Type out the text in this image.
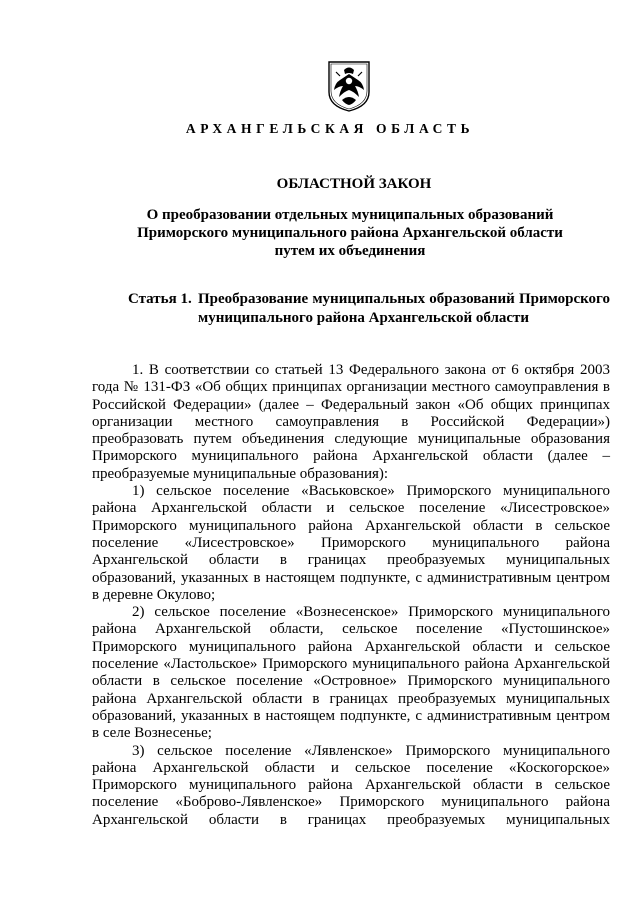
АРХАНГЕЛЬСКАЯ ОБЛАСТЬ
ОБЛАСТНОЙ ЗАКОН
О преобразовании отдельных муниципальных образований
Приморского муниципального района Архангельской области
путем их объединения
Статья 1. Преобразование муниципальных образований Приморского муниципального района Архангельской области

1. В соответствии со статьей 13 Федерального закона от 6 октября 2003 года № 131-ФЗ «Об общих принципах организации местного самоуправления в Российской Федерации» (далее – Федеральный закон «Об общих принципах организации местного самоуправления в Российской Федерации») преобразовать путем объединения следующие муниципальные образования Приморского муниципального района Архангельской области (далее – преобразуемые муниципальные образования):

1) сельское поселение «Васьковское» Приморского муниципального района Архангельской области и сельское поселение «Лисестровское» Приморского муниципального района Архангельской области в сельское поселение «Лисестровское» Приморского муниципального района Архангельской области в границах преобразуемых муниципальных образований, указанных в настоящем подпункте, с административным центром в деревне Окулово;

2) сельское поселение «Вознесенское» Приморского муниципального района Архангельской области, сельское поселение «Пустошинское» Приморского муниципального района Архангельской области и сельское поселение «Ластольское» Приморского муниципального района Архангельской области в сельское поселение «Островное» Приморского муниципального района Архангельской области в границах преобразуемых муниципальных образований, указанных в настоящем подпункте, с административным центром в селе Вознесенье;

3) сельское поселение «Лявленское» Приморского муниципального района Архангельской области и сельское поселение «Коскогорское» Приморского муниципального района Архангельской области в сельское поселение «Боброво-Лявленское» Приморского муниципального района Архангельской области в границах преобразуемых муниципальных
